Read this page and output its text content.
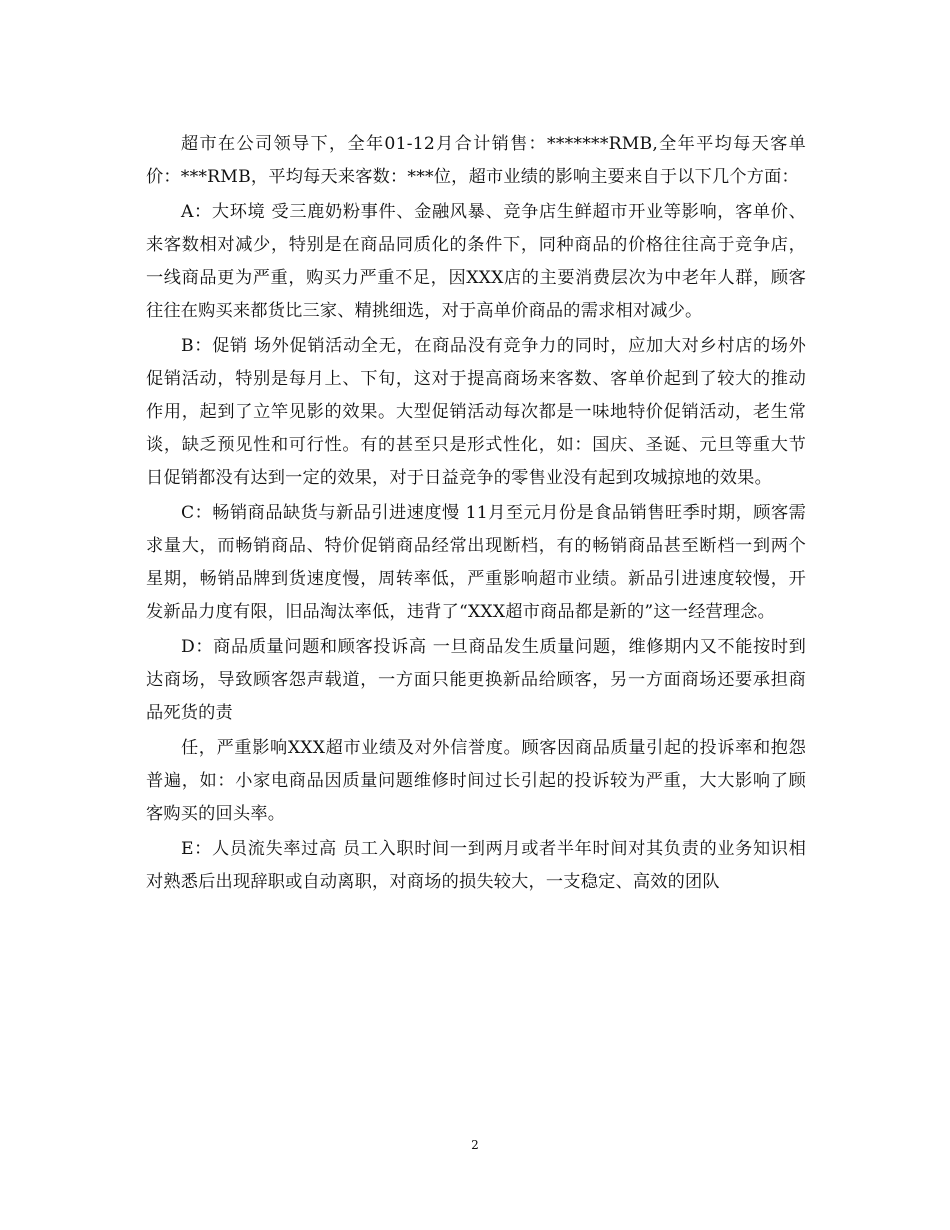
超市在公司领导下，全年01-12月合计销售：*******RMB,全年平均每天客单价：***RMB，平均每天来客数：***位，超市业绩的影响主要来自于以下几个方面：

A：大环境 受三鹿奶粉事件、金融风暴、竞争店生鲜超市开业等影响，客单价、来客数相对减少，特别是在商品同质化的条件下，同种商品的价格往往高于竞争店，一线商品更为严重，购买力严重不足，因XXX店的主要消费层次为中老年人群，顾客往往在购买来都货比三家、精挑细选，对于高单价商品的需求相对减少。

B：促销 场外促销活动全无，在商品没有竞争力的同时，应加大对乡村店的场外促销活动，特别是每月上、下旬，这对于提高商场来客数、客单价起到了较大的推动作用，起到了立竿见影的效果。大型促销活动每次都是一味地特价促销活动，老生常谈，缺乏预见性和可行性。有的甚至只是形式性化，如：国庆、圣诞、元旦等重大节日促销都没有达到一定的效果，对于日益竞争的零售业没有起到攻城掠地的效果。

C：畅销商品缺货与新品引进速度慢 11月至元月份是食品销售旺季时期，顾客需求量大，而畅销商品、特价促销商品经常出现断档，有的畅销商品甚至断档一到两个星期，畅销品牌到货速度慢，周转率低，严重影响超市业绩。新品引进速度较慢，开发新品力度有限，旧品淘汰率低，违背了“XXX超市商品都是新的”这一经营理念。

D：商品质量问题和顾客投诉高 一旦商品发生质量问题，维修期内又不能按时到达商场，导致顾客怨声载道，一方面只能更换新品给顾客，另一方面商场还要承担商品死货的责

任，严重影响XXX超市业绩及对外信誉度。顾客因商品质量引起的投诉率和抱怨普遍，如：小家电商品因质量问题维修时间过长引起的投诉较为严重，大大影响了顾客购买的回头率。

E：人员流失率过高 员工入职时间一到两月或者半年时间对其负责的业务知识相对熟悉后出现辞职或自动离职，对商场的损失较大，一支稳定、高效的团队

2
